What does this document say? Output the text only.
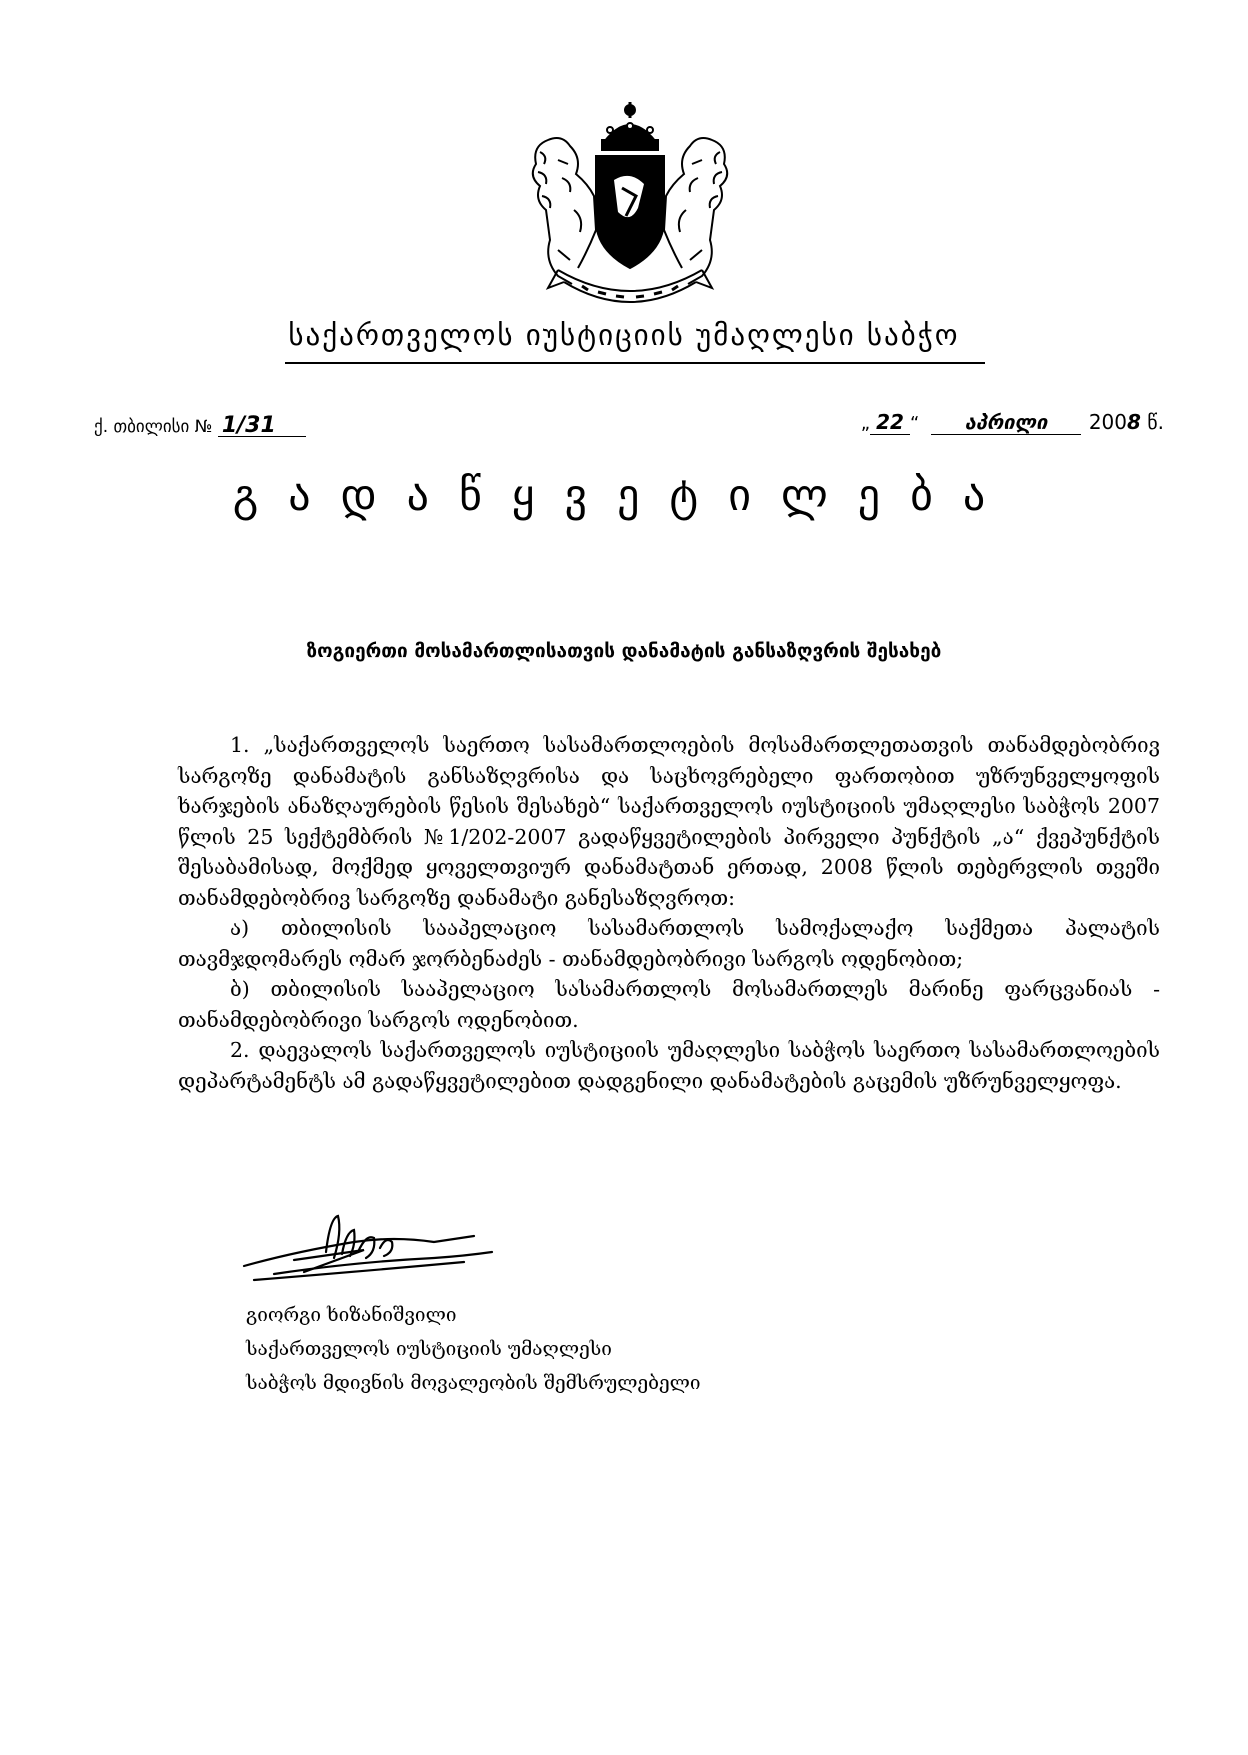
საქართველოს იუსტიციის უმაღლესი საბჭო
ქ. თბილისი № 1/31	„ 22 “ აპრილი 2008 წ.
გადაწყვეტილება
ზოგიერთი მოსამართლისათვის დანამატის განსაზღვრის შესახებ

1. „საქართველოს საერთო სასამართლოების მოსამართლეთათვის თანამდებობრივ სარგოზე დანამატის განსაზღვრისა და საცხოვრებელი ფართობით უზრუნველყოფის ხარჯების ანაზღაურების წესის შესახებ“ საქართველოს იუსტიციის უმაღლესი საბჭოს 2007 წლის 25 სექტემბრის №1/202-2007 გადაწყვეტილების პირველი პუნქტის „ა“ ქვეპუნქტის შესაბამისად, მოქმედ ყოველთვიურ დანამატთან ერთად, 2008 წლის თებერვლის თვეში თანამდებობრივ სარგოზე დანამატი განესაზღვროთ:

ა) თბილისის სააპელაციო სასამართლოს სამოქალაქო საქმეთა პალატის თავმჯდომარეს ომარ ჯორბენაძეს - თანამდებობრივი სარგოს ოდენობით;

ბ) თბილისის სააპელაციო სასამართლოს მოსამართლეს მარინე ფარცვანიას - თანამდებობრივი სარგოს ოდენობით.

2. დაევალოს საქართველოს იუსტიციის უმაღლესი საბჭოს საერთო სასამართლოების დეპარტამენტს ამ გადაწყვეტილებით დადგენილი დანამატების გაცემის უზრუნველყოფა.

გიორგი ხიზანიშვილი
საქართველოს იუსტიციის უმაღლესი
საბჭოს მდივნის მოვალეობის შემსრულებელი
